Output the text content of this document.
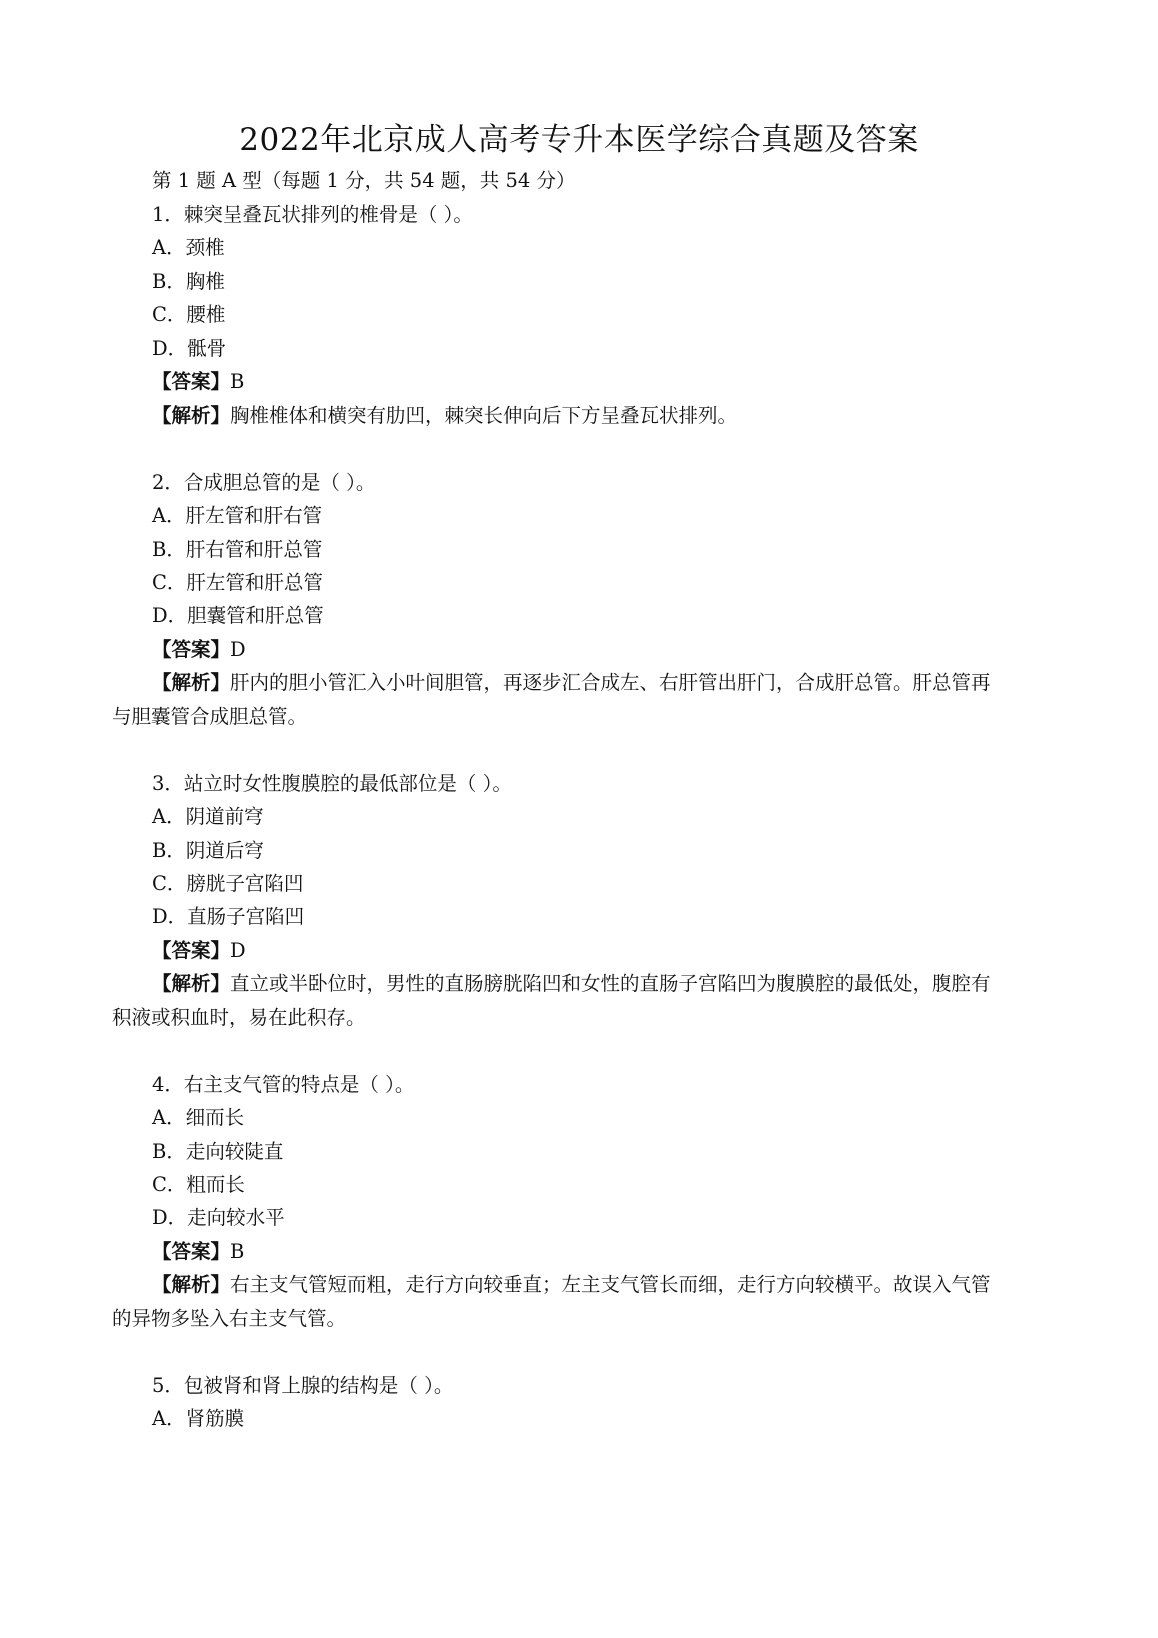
2022年北京成人高考专升本医学综合真题及答案
第 1 题 A 型（每题 1 分，共 54 题，共 54 分）
1．棘突呈叠瓦状排列的椎骨是（ ）。
A．颈椎
B．胸椎
C．腰椎
D．骶骨
【答案】B
【解析】胸椎椎体和横突有肋凹，棘突长伸向后下方呈叠瓦状排列。
2．合成胆总管的是（ ）。
A．肝左管和肝右管
B．肝右管和肝总管
C．肝左管和肝总管
D．胆囊管和肝总管
【答案】D
【解析】肝内的胆小管汇入小叶间胆管，再逐步汇合成左、右肝管出肝门，合成肝总管。肝总管再
与胆囊管合成胆总管。
3．站立时女性腹膜腔的最低部位是（ ）。
A．阴道前穹
B．阴道后穹
C．膀胱子宫陷凹
D．直肠子宫陷凹
【答案】D
【解析】直立或半卧位时，男性的直肠膀胱陷凹和女性的直肠子宫陷凹为腹膜腔的最低处，腹腔有
积液或积血时，易在此积存。
4．右主支气管的特点是（ ）。
A．细而长
B．走向较陡直
C．粗而长
D．走向较水平
【答案】B
【解析】右主支气管短而粗，走行方向较垂直；左主支气管长而细，走行方向较横平。故误入气管
的异物多坠入右主支气管。
5．包被肾和肾上腺的结构是（ ）。
A．肾筋膜
